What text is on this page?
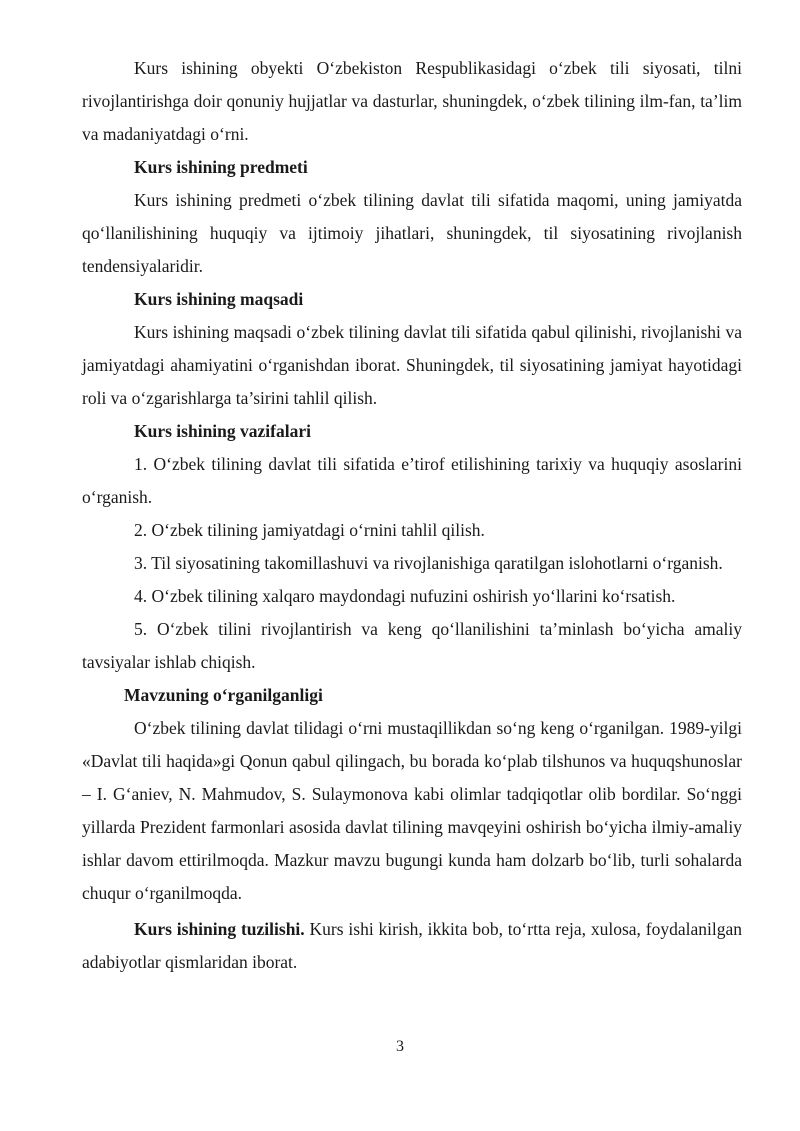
Kurs ishining obyekti O‘zbekiston Respublikasidagi o‘zbek tili siyosati, tilni rivojlantirishga doir qonuniy hujjatlar va dasturlar, shuningdek, o‘zbek tilining ilm-fan, ta’lim va madaniyatdagi o‘rni.

Kurs ishining predmeti

Kurs ishining predmeti o‘zbek tilining davlat tili sifatida maqomi, uning jamiyatda qo‘llanilishining huquqiy va ijtimoiy jihatlari, shuningdek, til siyosatining rivojlanish tendensiyalaridir.

Kurs ishining maqsadi

Kurs ishining maqsadi o‘zbek tilining davlat tili sifatida qabul qilinishi, rivojlanishi va jamiyatdagi ahamiyatini o‘rganishdan iborat. Shuningdek, til siyosatining jamiyat hayotidagi roli va o‘zgarishlarga ta’sirini tahlil qilish.

Kurs ishining vazifalari

1. O‘zbek tilining davlat tili sifatida e’tirof etilishining tarixiy va huquqiy asoslarini o‘rganish.

2. O‘zbek tilining jamiyatdagi o‘rnini tahlil qilish.

3. Til siyosatining takomillashuvi va rivojlanishiga qaratilgan islohotlarni o‘rganish.

4. O‘zbek tilining xalqaro maydondagi nufuzini oshirish yo‘llarini ko‘rsatish.

5. O‘zbek tilini rivojlantirish va keng qo‘llanilishini ta’minlash bo‘yicha amaliy tavsiyalar ishlab chiqish.

Mavzuning o‘rganilganligi

O‘zbek tilining davlat tilidagi o‘rni mustaqillikdan so‘ng keng o‘rganilgan. 1989-yilgi «Davlat tili haqida»gi Qonun qabul qilingach, bu borada ko‘plab tilshunos va huquqshunoslar – I. G‘aniev, N. Mahmudov, S. Sulaymonova kabi olimlar tadqiqotlar olib bordilar. So‘nggi yillarda Prezident farmonlari asosida davlat tilining mavqeyini oshirish bo‘yicha ilmiy-amaliy ishlar davom ettirilmoqda. Mazkur mavzu bugungi kunda ham dolzarb bo‘lib, turli sohalarda chuqur o‘rganilmoqda.

Kurs ishining tuzilishi. Kurs ishi kirish, ikkita bob, to‘rtta reja, xulosa, foydalanilgan adabiyotlar qismlaridan iborat.

3
